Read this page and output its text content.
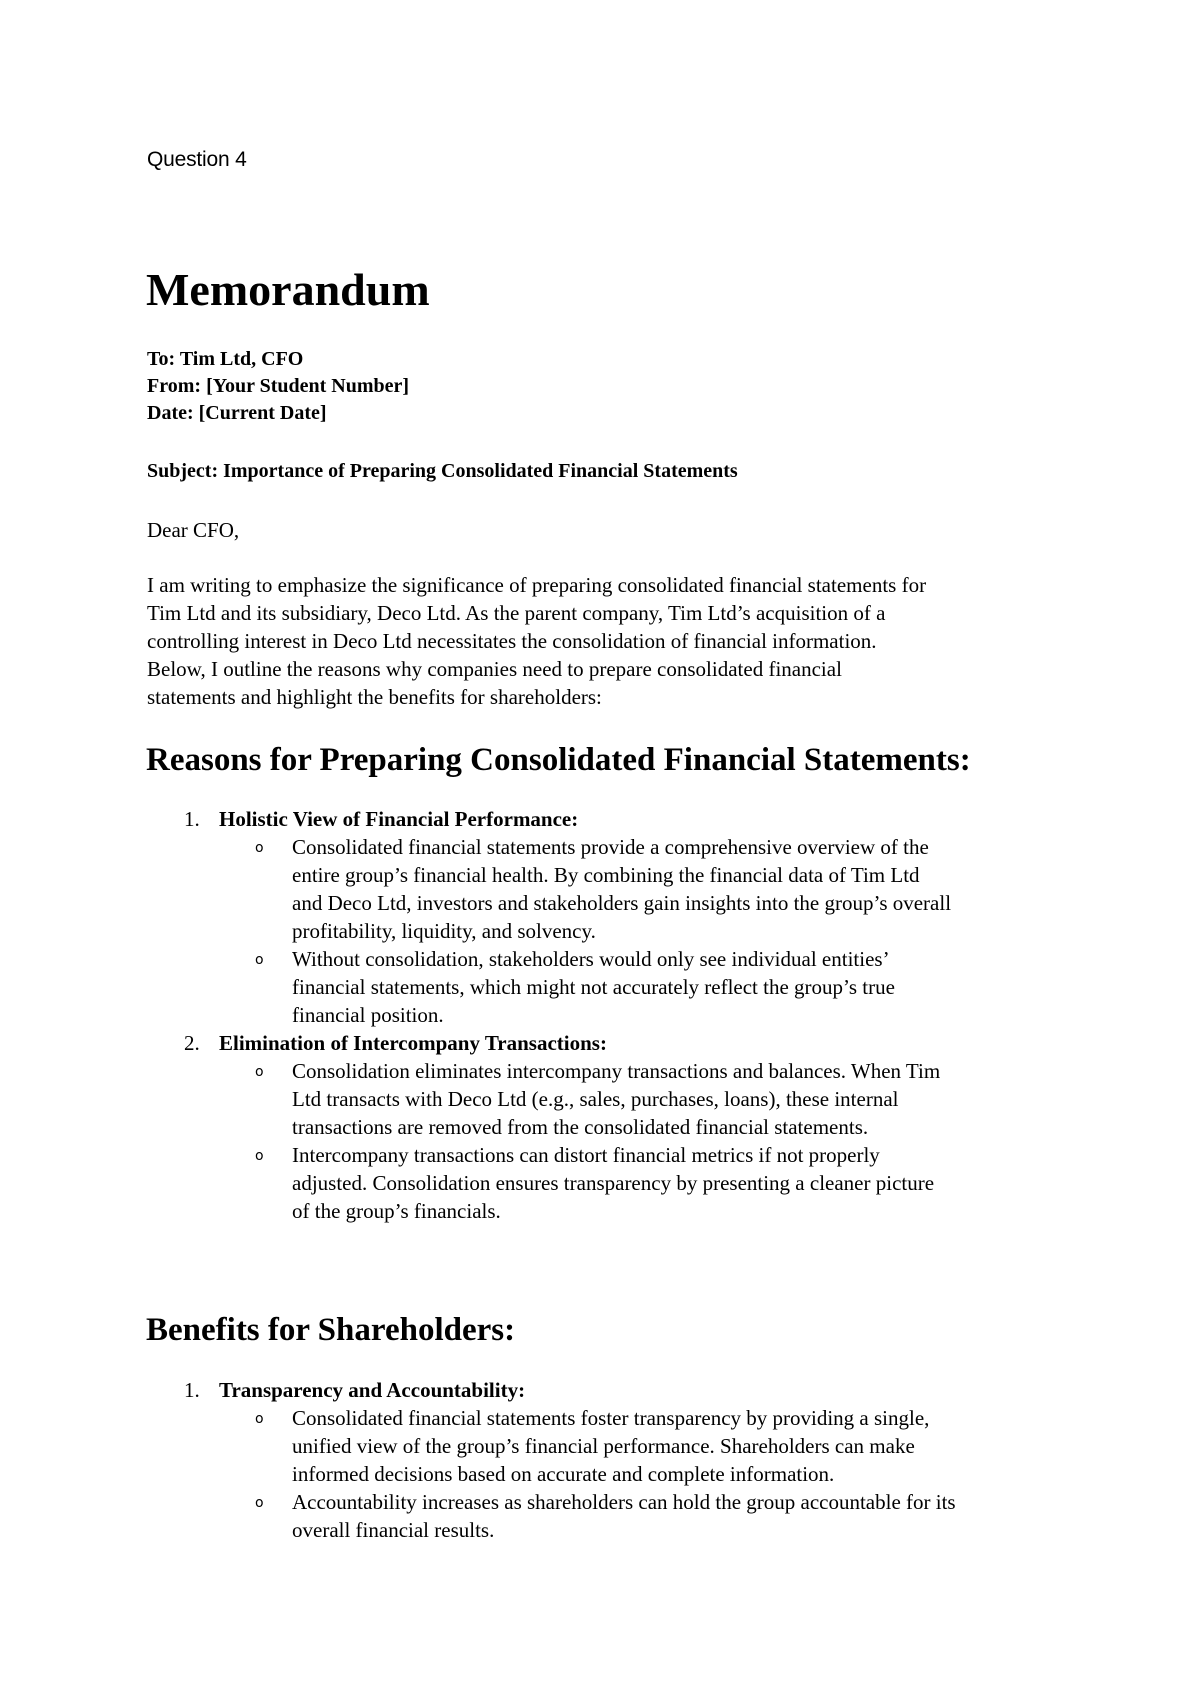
Question 4
Memorandum
To: Tim Ltd, CFO
From: [Your Student Number]
Date: [Current Date]
Subject: Importance of Preparing Consolidated Financial Statements
Dear CFO,
I am writing to emphasize the significance of preparing consolidated financial statements for
Tim Ltd and its subsidiary, Deco Ltd. As the parent company, Tim Ltd’s acquisition of a
controlling interest in Deco Ltd necessitates the consolidation of financial information.
Below, I outline the reasons why companies need to prepare consolidated financial
statements and highlight the benefits for shareholders:
Reasons for Preparing Consolidated Financial Statements:
1. Holistic View of Financial Performance:
o Consolidated financial statements provide a comprehensive overview of the
entire group’s financial health. By combining the financial data of Tim Ltd
and Deco Ltd, investors and stakeholders gain insights into the group’s overall
profitability, liquidity, and solvency.
o Without consolidation, stakeholders would only see individual entities’
financial statements, which might not accurately reflect the group’s true
financial position.
2. Elimination of Intercompany Transactions:
o Consolidation eliminates intercompany transactions and balances. When Tim
Ltd transacts with Deco Ltd (e.g., sales, purchases, loans), these internal
transactions are removed from the consolidated financial statements.
o Intercompany transactions can distort financial metrics if not properly
adjusted. Consolidation ensures transparency by presenting a cleaner picture
of the group’s financials.
Benefits for Shareholders:
1. Transparency and Accountability:
o Consolidated financial statements foster transparency by providing a single,
unified view of the group’s financial performance. Shareholders can make
informed decisions based on accurate and complete information.
o Accountability increases as shareholders can hold the group accountable for its
overall financial results.
